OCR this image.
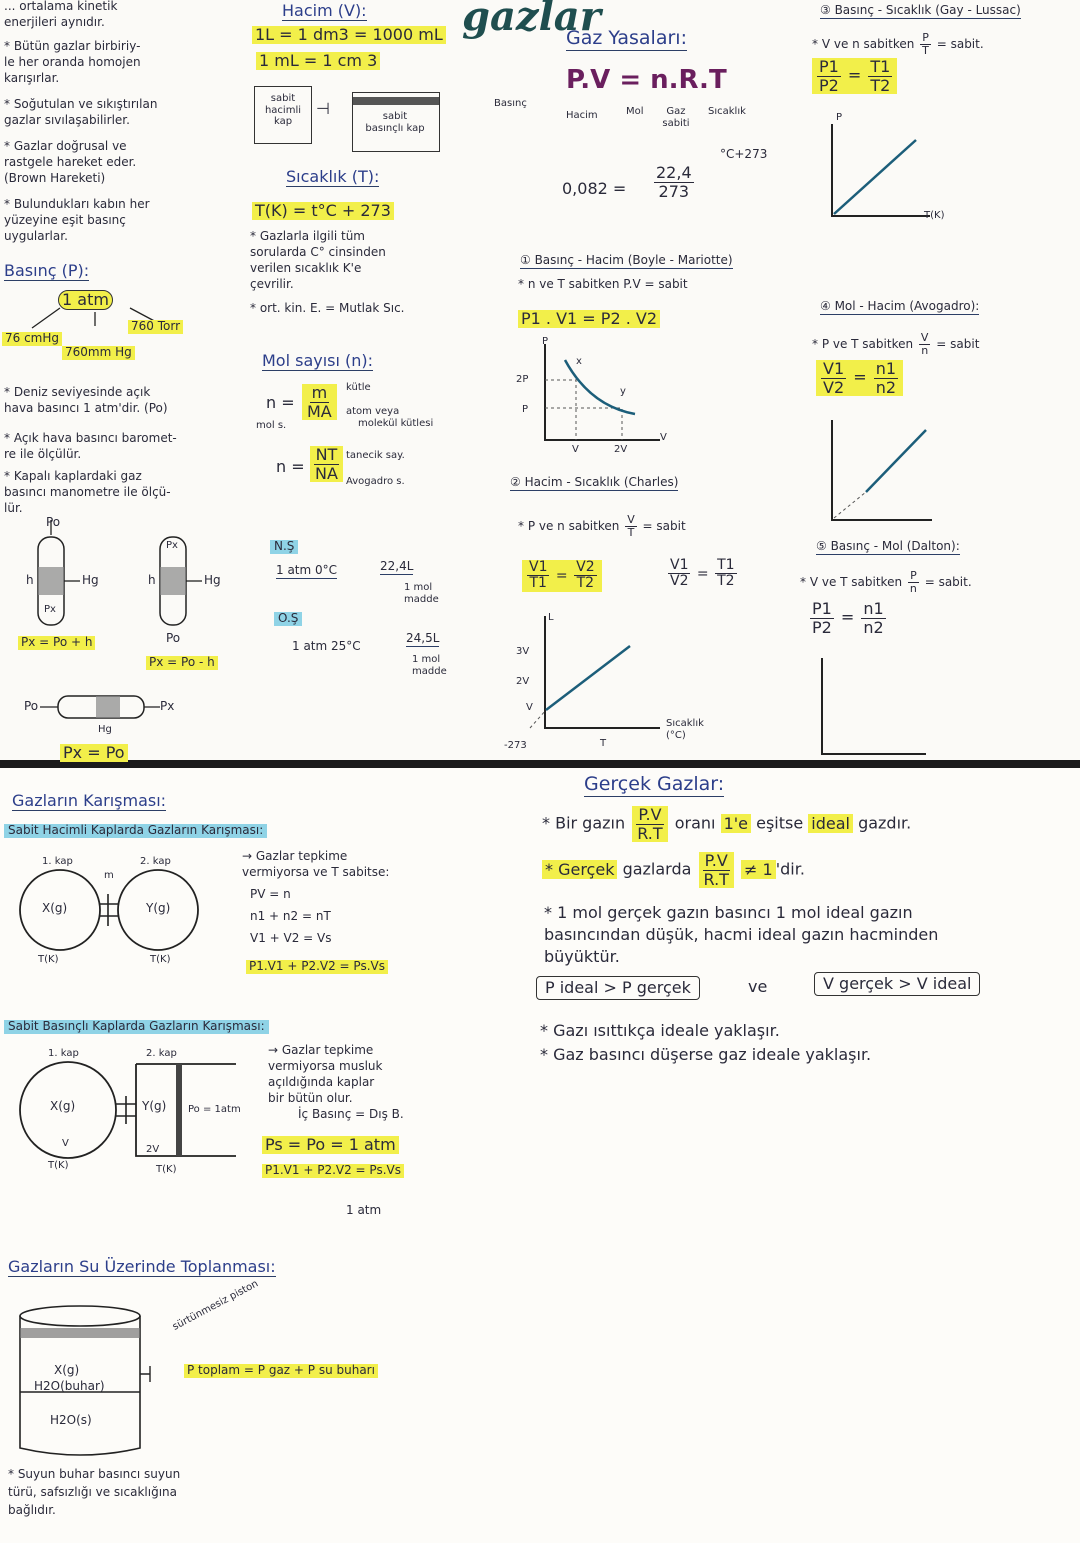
... ortalama kinetik
enerjileri aynıdır.
* Bütün gazlar birbiriy-
le her oranda homojen
karışırlar.
* Soğutulan ve sıkıştırılan
gazlar sıvılaşabilirler.
* Gazlar doğrusal ve
rastgele hareket eder.
(Brown Hareketi)
* Bulundukları kabın her
yüzeyine eşit basınç
uygularlar.
Basınç (P):
1 atm
76 cmHg
760 Torr
760mm Hg
* Deniz seviyesinde açık
hava basıncı 1 atm'dir. (Po)
* Açık hava basıncı baromet-
re ile ölçülür.
* Kapalı kaplardaki gaz
basıncı manometre ile ölçü-
lür.
Po
Hg
h
Px
Hg
h
Px
Po
Px = Po + h
Px = Po - h
Po	Px
Hg
Px = Po
Hacim (V):
1L = 1 dm3 = 1000 mL
1 mL = 1 cm 3
sabit hacimli kap
⊣	sabit basınçlı kap
Sıcaklık (T):
T(K) = t°C + 273
* Gazlarla ilgili tüm
sorularda C° cinsinden
verilen sıcaklık K'e
çevrilir.
* ort. kin. E. = Mutlak Sıc.
Mol sayısı (n):
$n = \frac{m}{MA}$ kütle
atom veya
molekül kütlesi
mol s.
$n = \frac{NT}{NA}$ tanecik say.
Avogadro s.
N.Ş
1 atm 0°C	22,4L
1 mol madde
O.Ş
1 atm 25°C
24,5L
1 mol madde
gazlar
Gaz Yasaları:
P.V = n.R.T
Basınç
Hacim	Mol	Gaz sabiti
Sıcaklık
°C+273
$0,082 = \frac{22,4}{273}$
① Basınç - Hacim (Boyle - Mariotte)
* n ve T sabitken P.V = sabit
P1 . V1 = P2 . V2
P
2P
P
V	2V
V
x
y
② Hacim - Sıcaklık (Charles)
* P ve n sabitken $\frac{V}{T}$ = sabit
$\frac{V1}{T1} = \frac{V2}{T2}$	$\frac{V1}{V2} = \frac{T1}{T2}$
L
3V
2V
V
-273	T
Sıcaklık (°C)
③ Basınç - Sıcaklık (Gay - Lussac)
* V ve n sabitken $\frac{P}{T}$ = sabit.
$\frac{P1}{P2} = \frac{T1}{T2}$
P
T(K)
④ Mol - Hacim (Avogadro):
* P ve T sabitken $\frac{V}{n}$ = sabit
$\frac{V1}{V2} = \frac{n1}{n2}$
⑤ Basınç - Mol (Dalton):
* V ve T sabitken $\frac{P}{n}$ = sabit.
$\frac{P1}{P2} = \frac{n1}{n2}$
Gazların Karışması:
Sabit Hacimli Kaplarda Gazların Karışması:
1. kap	2. kap
X(g)	Y(g)
m
T(K)	T(K)
→ Gazlar tepkime
vermiyorsa ve T sabitse:
PV = n
n1 + n2 = nT
V1 + V2 = Vs
P1.V1 + P2.V2 = Ps.Vs
Sabit Basınçlı Kaplarda Gazların Karışması:
1. kap	2. kap
X(g)	Y(g)
V
2V
T(K)	T(K)
Po = 1atm
→ Gazlar tepkime
vermiyorsa musluk
açıldığında kaplar
bir bütün olur.
İç Basınç = Dış B.
Ps = Po = 1 atm
P1.V1 + P2.V2 = Ps.Vs
1 atm
Gazların Su Üzerinde Toplanması:
sürtünmesiz piston
X(g)
H2O(buhar)
H2O(s)
P toplam = P gaz + P su buharı
* Suyun buhar basıncı suyun
türü, safsızlığı ve sıcaklığına
bağlıdır.
Gerçek Gazlar:
* Bir gazın $\frac{P.V}{R.T}$ oranı 1'e eşitse ideal gazdır.
* Gerçek gazlarda $\frac{P.V}{R.T} \ne 1$ 'dir.
* 1 mol gerçek gazın basıncı 1 mol ideal gazın
basıncından düşük, hacmi ideal gazın hacminden
büyüktür.
P ideal > P gerçek	ve	V gerçek > V ideal
* Gazı ısıttıkça ideale yaklaşır.
* Gaz basıncı düşerse gaz ideale yaklaşır.
